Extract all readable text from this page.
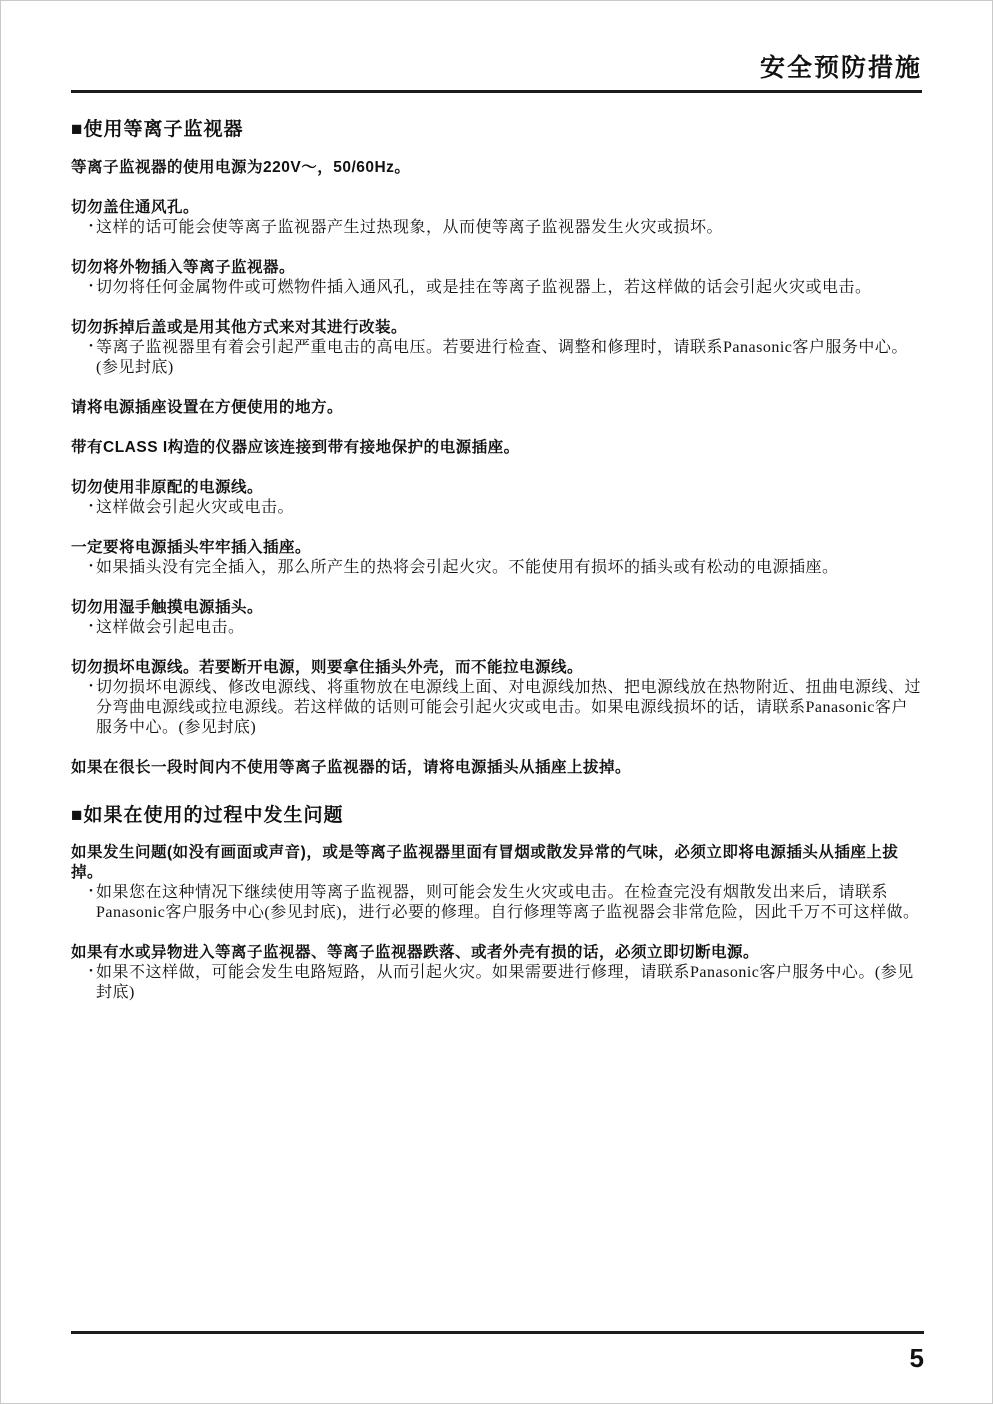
安全预防措施
■使用等离子监视器

等离子监视器的使用电源为220V～，50/60Hz。

切勿盖住通风孔。

・
这样的话可能会使等离子监视器产生过热现象，从而使等离子监视器发生火灾或损坏。

切勿将外物插入等离子监视器。

・
切勿将任何金属物件或可燃物件插入通风孔，或是挂在等离子监视器上，若这样做的话会引起火灾或电击。

切勿拆掉后盖或是用其他方式来对其进行改装。

・
等离子监视器里有着会引起严重电击的高电压。若要进行检查、调整和修理时，请联系Panasonic客户服务中心。(参见封底)

请将电源插座设置在方便使用的地方。

带有CLASS I构造的仪器应该连接到带有接地保护的电源插座。

切勿使用非原配的电源线。

・
这样做会引起火灾或电击。

一定要将电源插头牢牢插入插座。

・
如果插头没有完全插入，那么所产生的热将会引起火灾。不能使用有损坏的插头或有松动的电源插座。

切勿用湿手触摸电源插头。

・
这样做会引起电击。

切勿损坏电源线。若要断开电源，则要拿住插头外壳，而不能拉电源线。

・
切勿损坏电源线、修改电源线、将重物放在电源线上面、对电源线加热、把电源线放在热物附近、扭曲电源线、过分弯曲电源线或拉电源线。若这样做的话则可能会引起火灾或电击。如果电源线损坏的话，请联系Panasonic客户服务中心。(参见封底)

如果在很长一段时间内不使用等离子监视器的话，请将电源插头从插座上拔掉。

■如果在使用的过程中发生问题

如果发生问题(如没有画面或声音)，或是等离子监视器里面有冒烟或散发异常的气味，必须立即将电源插头从插座上拔掉。

・
如果您在这种情况下继续使用等离子监视器，则可能会发生火灾或电击。在检查完没有烟散发出来后，请联系Panasonic客户服务中心(参见封底)，进行必要的修理。自行修理等离子监视器会非常危险，因此千万不可这样做。

如果有水或异物进入等离子监视器、等离子监视器跌落、或者外壳有损的话，必须立即切断电源。

・
如果不这样做，可能会发生电路短路，从而引起火灾。如果需要进行修理，请联系Panasonic客户服务中心。(参见封底)
5
